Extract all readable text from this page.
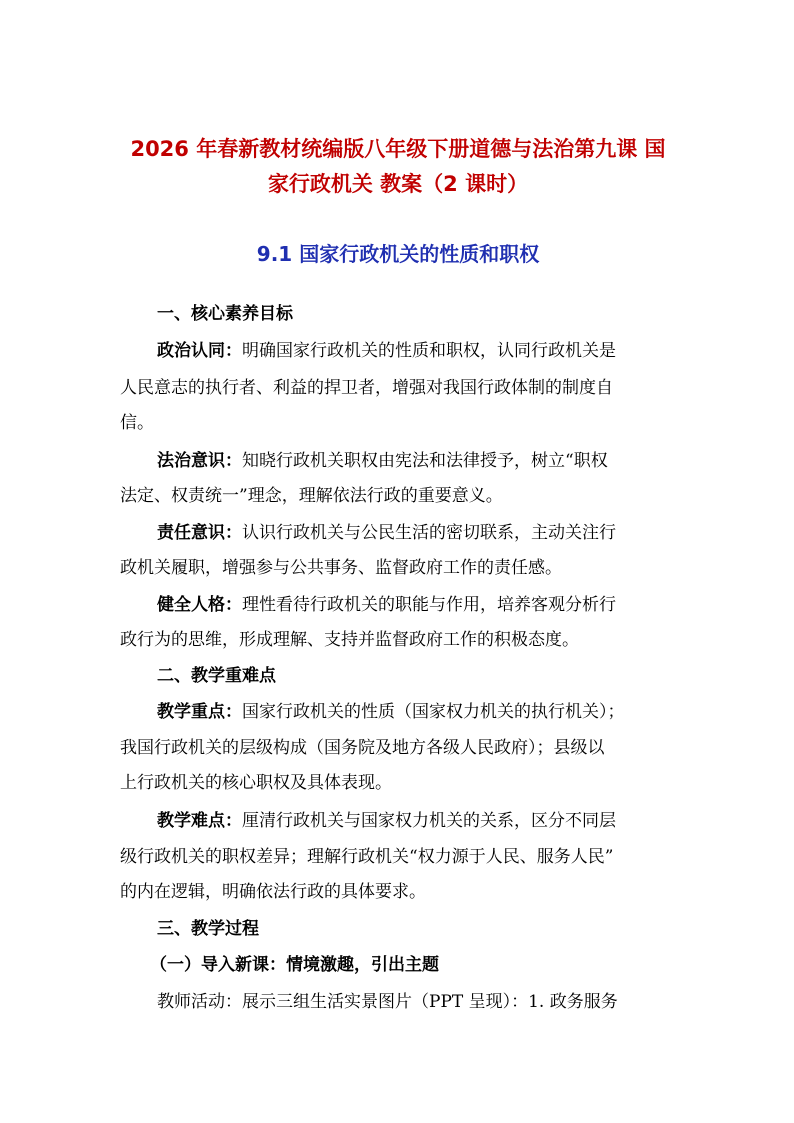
2026 年春新教材统编版八年级下册道德与法治第九课 国
家行政机关 教案（2 课时）
9.1 国家行政机关的性质和职权
一、核心素养目标
政治认同：明确国家行政机关的性质和职权，认同行政机关是
人民意志的执行者、利益的捍卫者，增强对我国行政体制的制度自
信。
法治意识：知晓行政机关职权由宪法和法律授予，树立“职权
法定、权责统一”理念，理解依法行政的重要意义。
责任意识：认识行政机关与公民生活的密切联系，主动关注行
政机关履职，增强参与公共事务、监督政府工作的责任感。
健全人格：理性看待行政机关的职能与作用，培养客观分析行
政行为的思维，形成理解、支持并监督政府工作的积极态度。
二、教学重难点
教学重点：国家行政机关的性质（国家权力机关的执行机关）；
我国行政机关的层级构成（国务院及地方各级人民政府）；县级以
上行政机关的核心职权及具体表现。
教学难点：厘清行政机关与国家权力机关的关系，区分不同层
级行政机关的职权差异；理解行政机关“权力源于人民、服务人民”
的内在逻辑，明确依法行政的具体要求。
三、教学过程
（一）导入新课：情境激趣，引出主题
教师活动：展示三组生活实景图片（PPT 呈现）：1. 政务服务
